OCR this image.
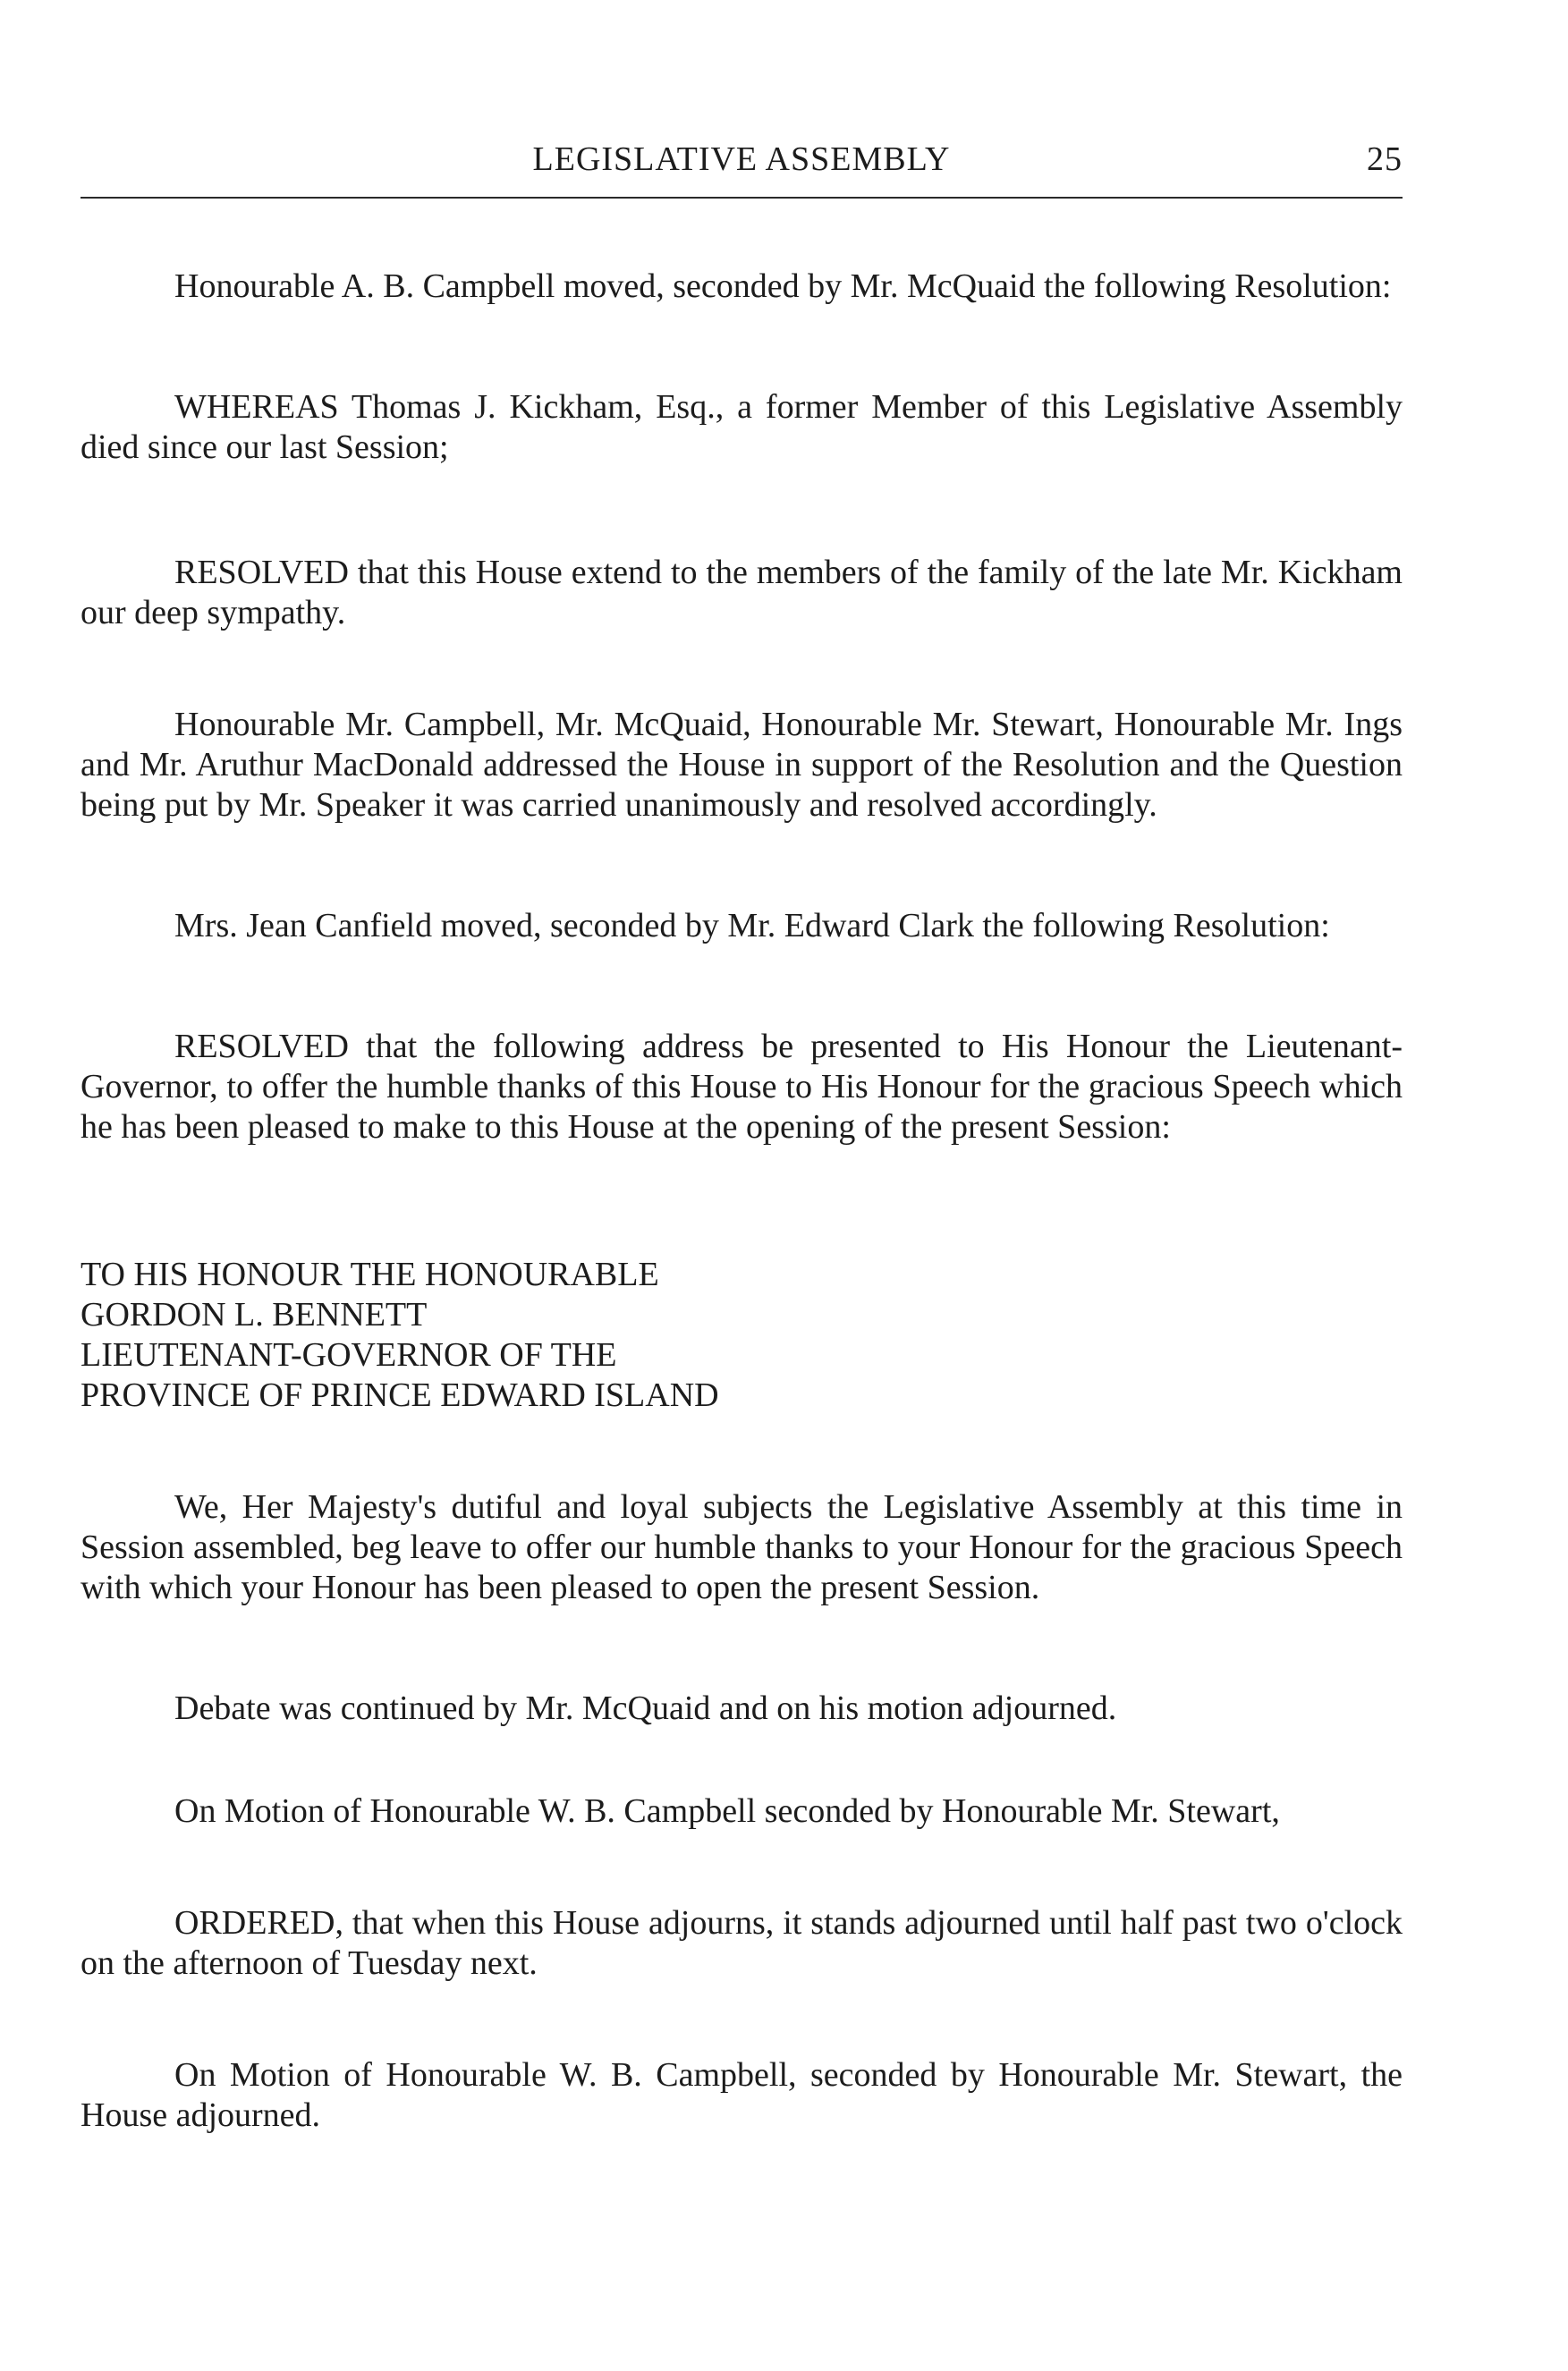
LEGISLATIVE ASSEMBLY	25

Honourable A. B. Campbell moved, seconded by Mr. McQuaid the following Resolution:

WHEREAS Thomas J. Kickham, Esq., a former Member of this Legislative Assembly died since our last Session;

RESOLVED that this House extend to the members of the family of the late Mr. Kickham our deep sympathy.

Honourable Mr. Campbell, Mr. McQuaid, Honourable Mr. Stewart, Honourable Mr. Ings and Mr. Aruthur MacDonald addressed the House in support of the Resolution and the Question being put by Mr. Speaker it was carried unanimously and resolved accordingly.

Mrs. Jean Canfield moved, seconded by Mr. Edward Clark the following Resolution:

RESOLVED that the following address be presented to His Honour the Lieutenant-Governor, to offer the humble thanks of this House to His Honour for the gracious Speech which he has been pleased to make to this House at the opening of the present Session:

TO HIS HONOUR THE HONOURABLE
GORDON L. BENNETT
LIEUTENANT-GOVERNOR OF THE
PROVINCE OF PRINCE EDWARD ISLAND

We, Her Majesty's dutiful and loyal subjects the Legislative Assembly at this time in Session assembled, beg leave to offer our humble thanks to your Honour for the gracious Speech with which your Honour has been pleased to open the present Session.

Debate was continued by Mr. McQuaid and on his motion adjourned.

On Motion of Honourable W. B. Campbell seconded by Honourable Mr. Stewart,

ORDERED, that when this House adjourns, it stands adjourned until half past two o'clock on the afternoon of Tuesday next.

On Motion of Honourable W. B. Campbell, seconded by Honourable Mr. Stewart, the House adjourned.
